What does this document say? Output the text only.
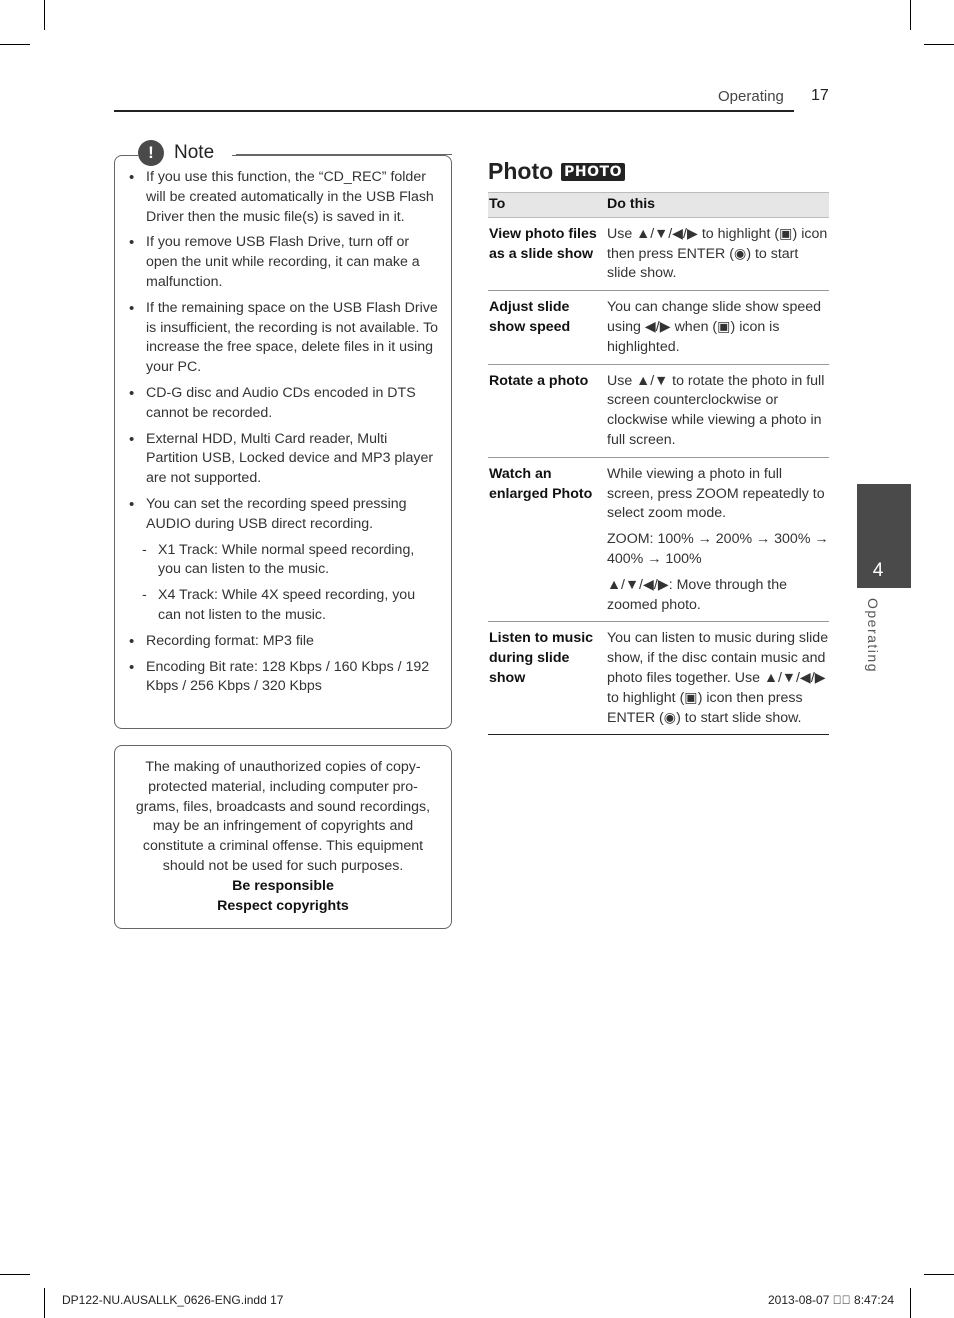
Operating 17
!	Note
• If you use this function, the “CD_REC” folder will be created automatically in the USB Flash Driver then the music file(s) is saved in it.
• If you remove USB Flash Drive, turn off or open the unit while recording, it can make a malfunction.
• If the remaining space on the USB Flash Drive is insufficient, the recording is not available. To increase the free space, delete files in it using your PC.
• CD-G disc and Audio CDs encoded in DTS cannot be recorded.
• External HDD, Multi Card reader, Multi Partition USB, Locked device and MP3 player are not supported.
• You can set the recording speed pressing AUDIO during USB direct recording.
- X1 Track: While normal speed recording, you can listen to the music.
- X4 Track: While 4X speed recording, you can not listen to the music.
• Recording format: MP3 file
• Encoding Bit rate: 128 Kbps / 160 Kbps / 192 Kbps / 256 Kbps / 320 Kbps
The making of unauthorized copies of copy-protected material, including computer pro-grams, files, broadcasts and sound recordings, may be an infringement of copyrights and constitute a criminal offense. This equipment should not be used for such purposes.
Be responsible
Respect copyrights
Photo PHOTO
To	Do this
View photo files as a slide show	Use ▲/▼/◀/▶ to highlight (▣) icon then press ENTER (◉) to start slide show.

Adjust slide show speed	You can change slide show speed using ◀/▶ when (▣) icon is highlighted.

Rotate a photo	Use ▲/▼ to rotate the photo in full screen counterclockwise or clockwise while viewing a photo in full screen.

Watch an enlarged Photo	While viewing a photo in full screen, press ZOOM repeatedly to select zoom mode.

ZOOM: 100% → 200% → 300% → 400% → 100%

▲/▼/◀/▶: Move through the zoomed photo.

Listen to music during slide show	You can listen to music during slide show, if the disc contain music and photo files together. Use ▲/▼/◀/▶ to highlight (▣) icon then press ENTER (◉) to start slide show.

4
Operating
DP122-NU.AUSALLK_0626-ENG.indd 17	2013-08-07    8:47:24
